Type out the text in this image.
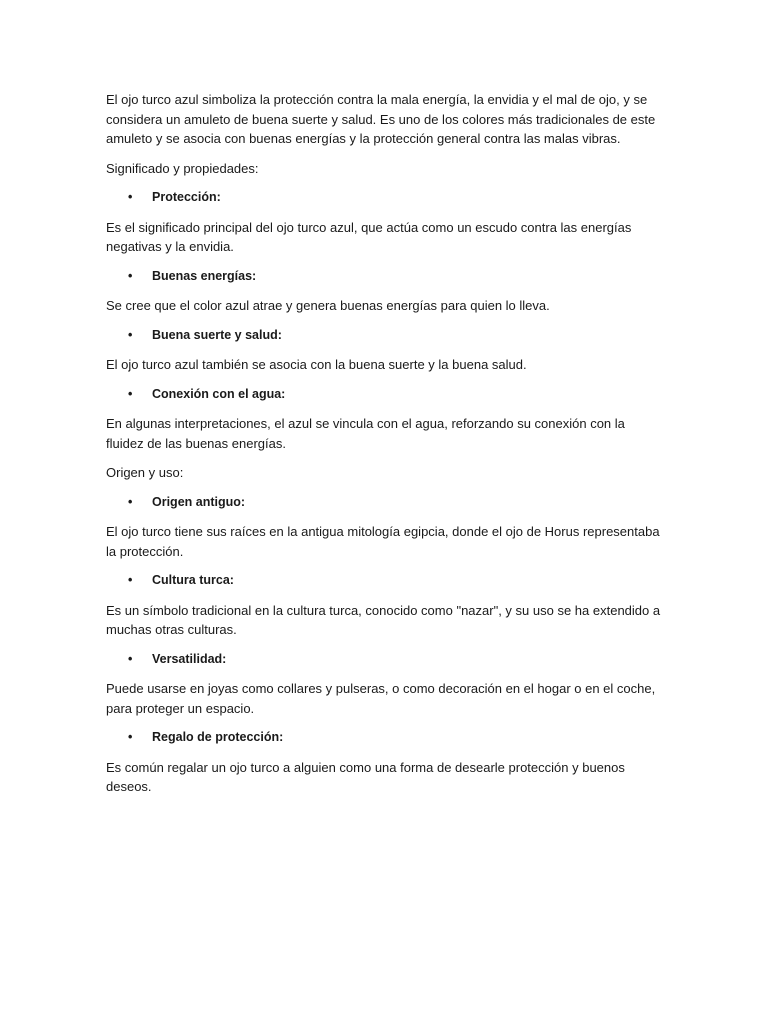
El ojo turco azul simboliza la protección contra la mala energía, la envidia y el mal de ojo, y se considera un amuleto de buena suerte y salud. Es uno de los colores más tradicionales de este amuleto y se asocia con buenas energías y la protección general contra las malas vibras.

Significado y propiedades:

• Protección:

Es el significado principal del ojo turco azul, que actúa como un escudo contra las energías negativas y la envidia.

• Buenas energías:

Se cree que el color azul atrae y genera buenas energías para quien lo lleva.

• Buena suerte y salud:

El ojo turco azul también se asocia con la buena suerte y la buena salud.

• Conexión con el agua:

En algunas interpretaciones, el azul se vincula con el agua, reforzando su conexión con la fluidez de las buenas energías.

Origen y uso:

• Origen antiguo:

El ojo turco tiene sus raíces en la antigua mitología egipcia, donde el ojo de Horus representaba la protección.

• Cultura turca:

Es un símbolo tradicional en la cultura turca, conocido como "nazar", y su uso se ha extendido a muchas otras culturas.

• Versatilidad:

Puede usarse en joyas como collares y pulseras, o como decoración en el hogar o en el coche, para proteger un espacio.

• Regalo de protección:

Es común regalar un ojo turco a alguien como una forma de desearle protección y buenos deseos.
